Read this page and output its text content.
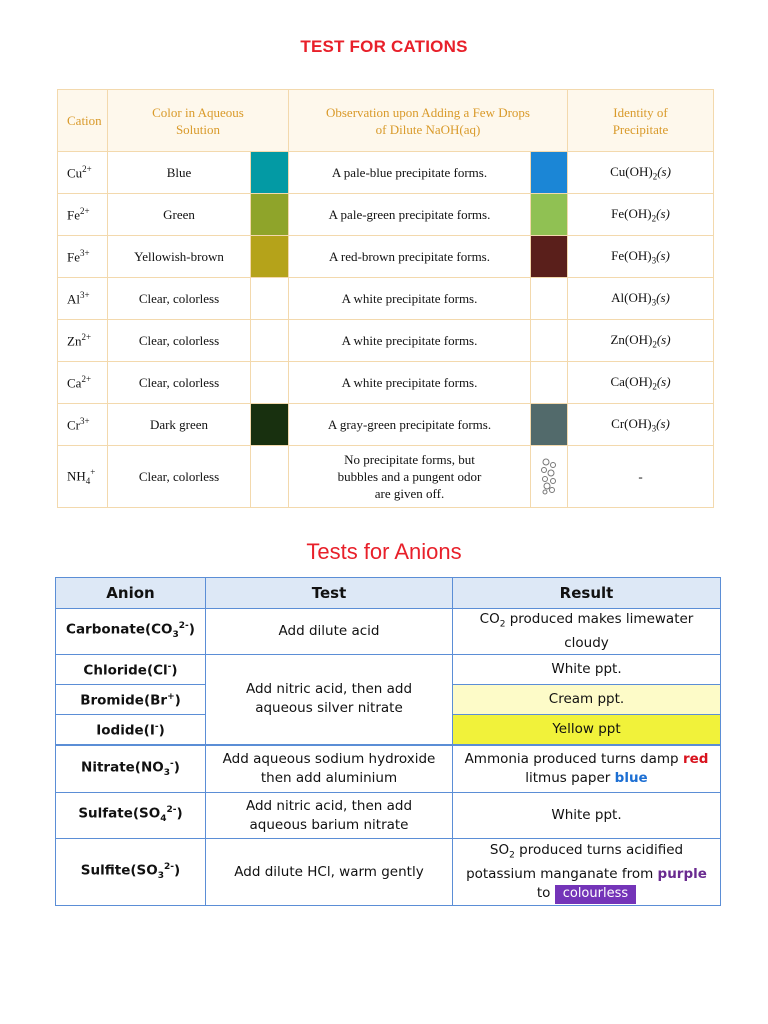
TEST FOR CATIONS
Cation	Color in Aqueous Solution		Observation upon Adding a Few Drops of Dilute NaOH(aq)		Identity of Precipitate

$Cu^{2+}$	Blue		A pale-blue precipitate forms.		$Cu(OH)_2(s)$
$Fe^{2+}$	Green		A pale-green precipitate forms.		$Fe(OH)_2(s)$
$Fe^{3+}$	Yellowish-brown		A red-brown precipitate forms.		$Fe(OH)_3(s)$
$Al^{3+}$	Clear, colorless		A white precipitate forms.		$Al(OH)_3(s)$
$Zn^{2+}$	Clear, colorless		A white precipitate forms.		$Zn(OH)_2(s)$
$Ca^{2+}$	Clear, colorless		A white precipitate forms.		$Ca(OH)_2(s)$
$Cr^{3+}$	Dark green		A gray-green precipitate forms.		$Cr(OH)_3(s)$
$NH_4^+$	Clear, colorless		No precipitate forms, but
bubbles and a pungent odor
are given off.		-
Tests for Anions
Anion	Test	Result
$Carbonate(CO_3^{2-})$	Add dilute acid	$CO_2$ produced makes limewater cloudy
Chloride(Cl-)	Add nitric acid, then add aqueous silver nitrate	White ppt.
Bromide(Br+)		Cream ppt.
Iodide(I-)		Yellow ppt
$Nitrate(NO_3^-)$	Add aqueous sodium hydroxide then add aluminium	Ammonia produced turns damp red litmus paper blue
$Sulfate(SO_4^{2-})$	Add nitric acid, then add aqueous barium nitrate	White ppt.
$Sulfite(SO_3^{2-})$	Add dilute HCl, warm gently	$SO_2$ produced turns acidified potassium manganate from purple to colourless
